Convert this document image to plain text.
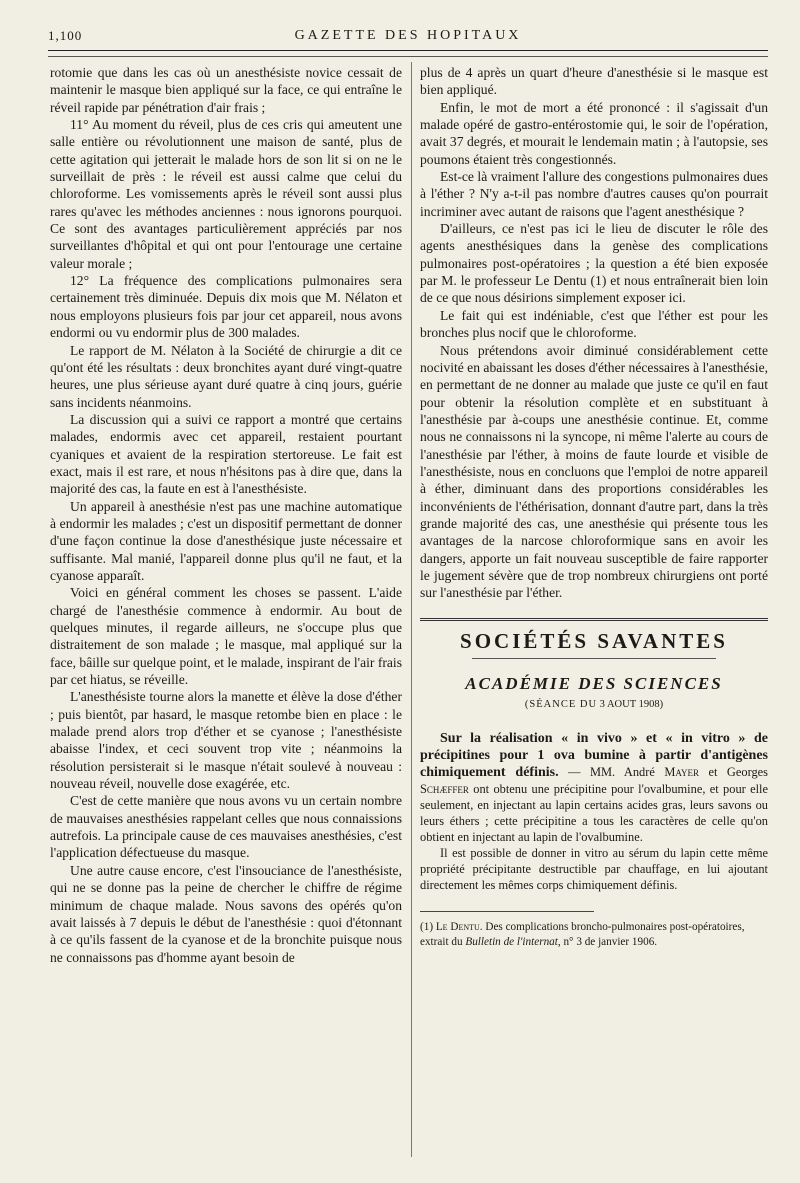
1,100	GAZETTE DES HOPITAUX

rotomie que dans les cas où un anesthésiste novice cessait de maintenir le masque bien appliqué sur la face, ce qui entraîne le réveil rapide par pénétration d'air frais ;

11° Au moment du réveil, plus de ces cris qui ameutent une salle entière ou révolutionnent une maison de santé, plus de cette agitation qui jetterait le malade hors de son lit si on ne le surveillait de près : le réveil est aussi calme que celui du chloroforme. Les vomissements après le réveil sont aussi plus rares qu'avec les méthodes anciennes : nous ignorons pourquoi. Ce sont des avantages particulièrement appréciés par nos surveillantes d'hôpital et qui ont pour l'entourage une certaine valeur morale ;

12° La fréquence des complications pulmonaires sera certainement très diminuée. Depuis dix mois que M. Nélaton et nous employons plusieurs fois par jour cet appareil, nous avons endormi ou vu endormir plus de 300 malades.

Le rapport de M. Nélaton à la Société de chirurgie a dit ce qu'ont été les résultats : deux bronchites ayant duré vingt-quatre heures, une plus sérieuse ayant duré quatre à cinq jours, guérie sans incidents néanmoins.

La discussion qui a suivi ce rapport a montré que certains malades, endormis avec cet appareil, restaient pourtant cyaniques et avaient de la respiration stertoreuse. Le fait est exact, mais il est rare, et nous n'hésitons pas à dire que, dans la majorité des cas, la faute en est à l'anesthésiste.

Un appareil à anesthésie n'est pas une machine automatique à endormir les malades ; c'est un dispositif permettant de donner d'une façon continue la dose d'anesthésique juste nécessaire et suffisante. Mal manié, l'appareil donne plus qu'il ne faut, et la cyanose apparaît.

Voici en général comment les choses se passent. L'aide chargé de l'anesthésie commence à endormir. Au bout de quelques minutes, il regarde ailleurs, ne s'occupe plus que distraitement de son malade ; le masque, mal appliqué sur la face, bâille sur quelque point, et le malade, inspirant de l'air frais par cet hiatus, se réveille.

L'anesthésiste tourne alors la manette et élève la dose d'éther ; puis bientôt, par hasard, le masque retombe bien en place : le malade prend alors trop d'éther et se cyanose ; l'anesthésiste abaisse l'index, et ceci souvent trop vite ; néanmoins la résolution persisterait si le masque n'était soulevé à nouveau : nouveau réveil, nouvelle dose exagérée, etc.

C'est de cette manière que nous avons vu un certain nombre de mauvaises anesthésies rappelant celles que nous connaissions autrefois. La principale cause de ces mauvaises anesthésies, c'est l'application défectueuse du masque.

Une autre cause encore, c'est l'insouciance de l'anesthésiste, qui ne se donne pas la peine de chercher le chiffre de régime minimum de chaque malade. Nous savons des opérés qu'on avait laissés à 7 depuis le début de l'anesthésie : quoi d'étonnant à ce qu'ils fassent de la cyanose et de la bronchite puisque nous ne connaissons pas d'homme ayant besoin de

plus de 4 après un quart d'heure d'anesthésie si le masque est bien appliqué.

Enfin, le mot de mort a été prononcé : il s'agissait d'un malade opéré de gastro-entérostomie qui, le soir de l'opération, avait 37 degrés, et mourait le lendemain matin ; à l'autopsie, ses poumons étaient très congestionnés.

Est-ce là vraiment l'allure des congestions pulmonaires dues à l'éther ? N'y a-t-il pas nombre d'autres causes qu'on pourrait incriminer avec autant de raisons que l'agent anesthésique ?

D'ailleurs, ce n'est pas ici le lieu de discuter le rôle des agents anesthésiques dans la genèse des complications pulmonaires post-opératoires ; la question a été bien exposée par M. le professeur Le Dentu (1) et nous entraînerait bien loin de ce que nous désirions simplement exposer ici.

Le fait qui est indéniable, c'est que l'éther est pour les bronches plus nocif que le chloroforme.

Nous prétendons avoir diminué considérablement cette nocivité en abaissant les doses d'éther nécessaires à l'anesthésie, en permettant de ne donner au malade que juste ce qu'il en faut pour obtenir la résolution complète et en substituant à l'anesthésie par à-coups une anesthésie continue. Et, comme nous ne connaissons ni la syncope, ni même l'alerte au cours de l'anesthésie par l'éther, à moins de faute lourde et visible de l'anesthésiste, nous en concluons que l'emploi de notre appareil à éther, diminuant dans des proportions considérables les inconvénients de l'éthérisation, donnant d'autre part, dans la très grande majorité des cas, une anesthésie qui présente tous les avantages de la narcose chloroformique sans en avoir les dangers, apporte un fait nouveau susceptible de faire rapporter le jugement sévère que de trop nombreux chirurgiens ont porté sur l'anesthésie par l'éther.

SOCIÉTÉS SAVANTES
ACADÉMIE DES SCIENCES
(SÉANCE DU 3 AOUT 1908)

Sur la réalisation « in vivo » et « in vitro » de précipitines pour 1 ova bumine à partir d'antigènes chimiquement définis. — MM. André Mayer et Georges Schæffer ont obtenu une précipitine pour l'ovalbumine, et pour elle seulement, en injectant au lapin certains acides gras, leurs savons ou leurs éthers ; cette précipitine a tous les caractères de celle qu'on obtient en injectant au lapin de l'ovalbumine.

Il est possible de donner in vitro au sérum du lapin cette même propriété précipitante destructible par chauffage, en lui ajoutant directement les mêmes corps chimiquement définis.

(1) Le Dentu. Des complications broncho-pulmonaires post-opératoires, extrait du Bulletin de l'internat, n° 3 de janvier 1906.
